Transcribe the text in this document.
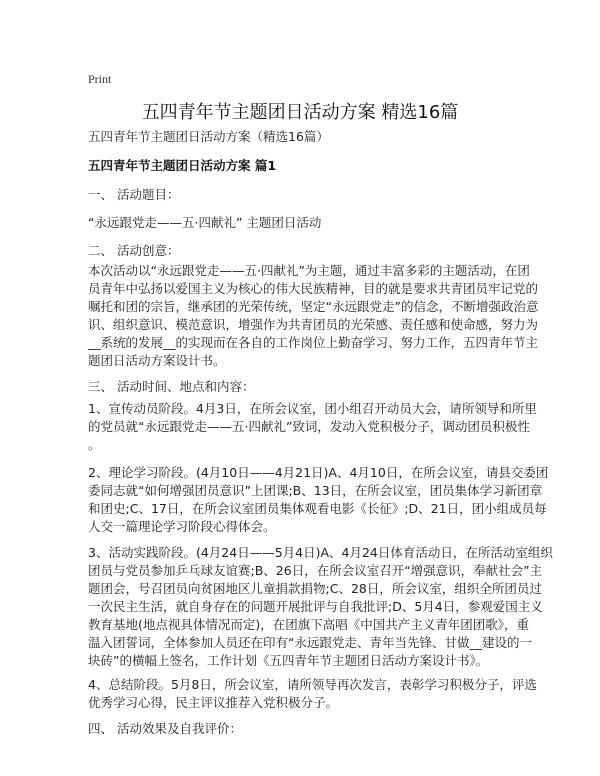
Print
五四青年节主题团日活动方案 精选16篇
五四青年节主题团日活动方案（精选16篇）
五四青年节主题团日活动方案 篇1
一、 活动题目：
“永远跟党走——五·四献礼” 主题团日活动
二、 活动创意：
本次活动以“永远跟党走——五·四献礼”为主题，通过丰富多彩的主题活动，在团
员青年中弘扬以爱国主义为核心的伟大民族精神，目的就是要求共青团员牢记党的
嘱托和团的宗旨，继承团的光荣传统，坚定“永远跟党走”的信念，不断增强政治意
识、组织意识、模范意识，增强作为共青团员的光荣感、责任感和使命感，努力为
__系统的发展__的实现而在各自的工作岗位上勤奋学习、努力工作，五四青年节主
题团日活动方案设计书。
三、 活动时间、地点和内容：
1、宣传动员阶段。4月3日，在所会议室，团小组召开动员大会，请所领导和所里
的党员就“永远跟党走——五·四献礼”致词，发动入党积极分子，调动团员积极性
。
2、理论学习阶段。(4月10日——4月21日)A、4月10日，在所会议室，请县交委团
委同志就“如何增强团员意识”上团课;B、13日，在所会议室，团员集体学习新团章
和团史;C、17日，在所会议室团员集体观看电影《长征》;D、21日，团小组成员每
人交一篇理论学习阶段心得体会。
3、活动实践阶段。(4月24日——5月4日)A、4月24日体育活动日，在所活动室组织
团员与党员参加乒乓球友谊赛;B、26日，在所会议室召开“增强意识，奉献社会”主
题团会，号召团员向贫困地区儿童捐款捐物;C、28日，所会议室，组织全所团员过
一次民主生活，就自身存在的问题开展批评与自我批评;D、5月4日，参观爱国主义
教育基地(地点视具体情况而定)，在团旗下高唱《中国共产主义青年团团歌》，重
温入团誓词，全体参加人员还在印有“永远跟党走、青年当先锋、甘做__建设的一
块砖”的横幅上签名，工作计划《五四青年节主题团日活动方案设计书》。
4、总结阶段。5月8日，所会议室，请所领导再次发言，表彰学习积极分子，评选
优秀学习心得，民主评议推荐入党积极分子。
四、 活动效果及自我评价：
